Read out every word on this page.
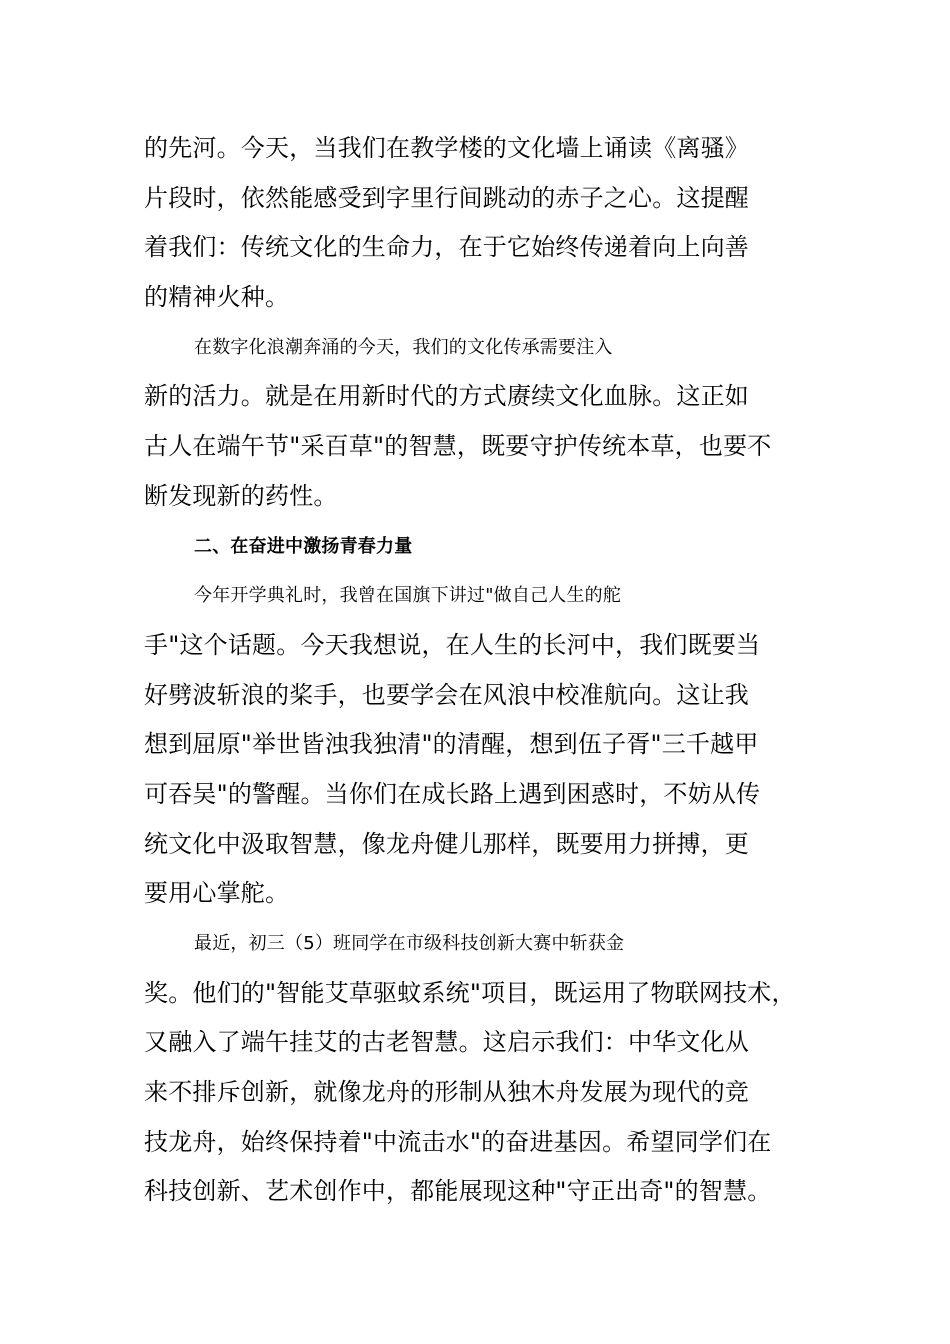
的先河。今天，当我们在教学楼的文化墙上诵读《离骚》
片段时，依然能感受到字里行间跳动的赤子之心。这提醒
着我们：传统文化的生命力，在于它始终传递着向上向善
的精神火种。
在数字化浪潮奔涌的今天，我们的文化传承需要注入
新的活力。就是在用新时代的方式赓续文化血脉。这正如
古人在端午节"采百草"的智慧，既要守护传统本草，也要不
断发现新的药性。
二、在奋进中激扬青春力量
今年开学典礼时，我曾在国旗下讲过"做自己人生的舵
手"这个话题。今天我想说，在人生的长河中，我们既要当
好劈波斩浪的桨手，也要学会在风浪中校准航向。这让我
想到屈原"举世皆浊我独清"的清醒，想到伍子胥"三千越甲
可吞吴"的警醒。当你们在成长路上遇到困惑时，不妨从传
统文化中汲取智慧，像龙舟健儿那样，既要用力拼搏，更
要用心掌舵。
最近，初三（5）班同学在市级科技创新大赛中斩获金
奖。他们的"智能艾草驱蚊系统"项目，既运用了物联网技术，
又融入了端午挂艾的古老智慧。这启示我们：中华文化从
来不排斥创新，就像龙舟的形制从独木舟发展为现代的竞
技龙舟，始终保持着"中流击水"的奋进基因。希望同学们在
科技创新、艺术创作中，都能展现这种"守正出奇"的智慧。
